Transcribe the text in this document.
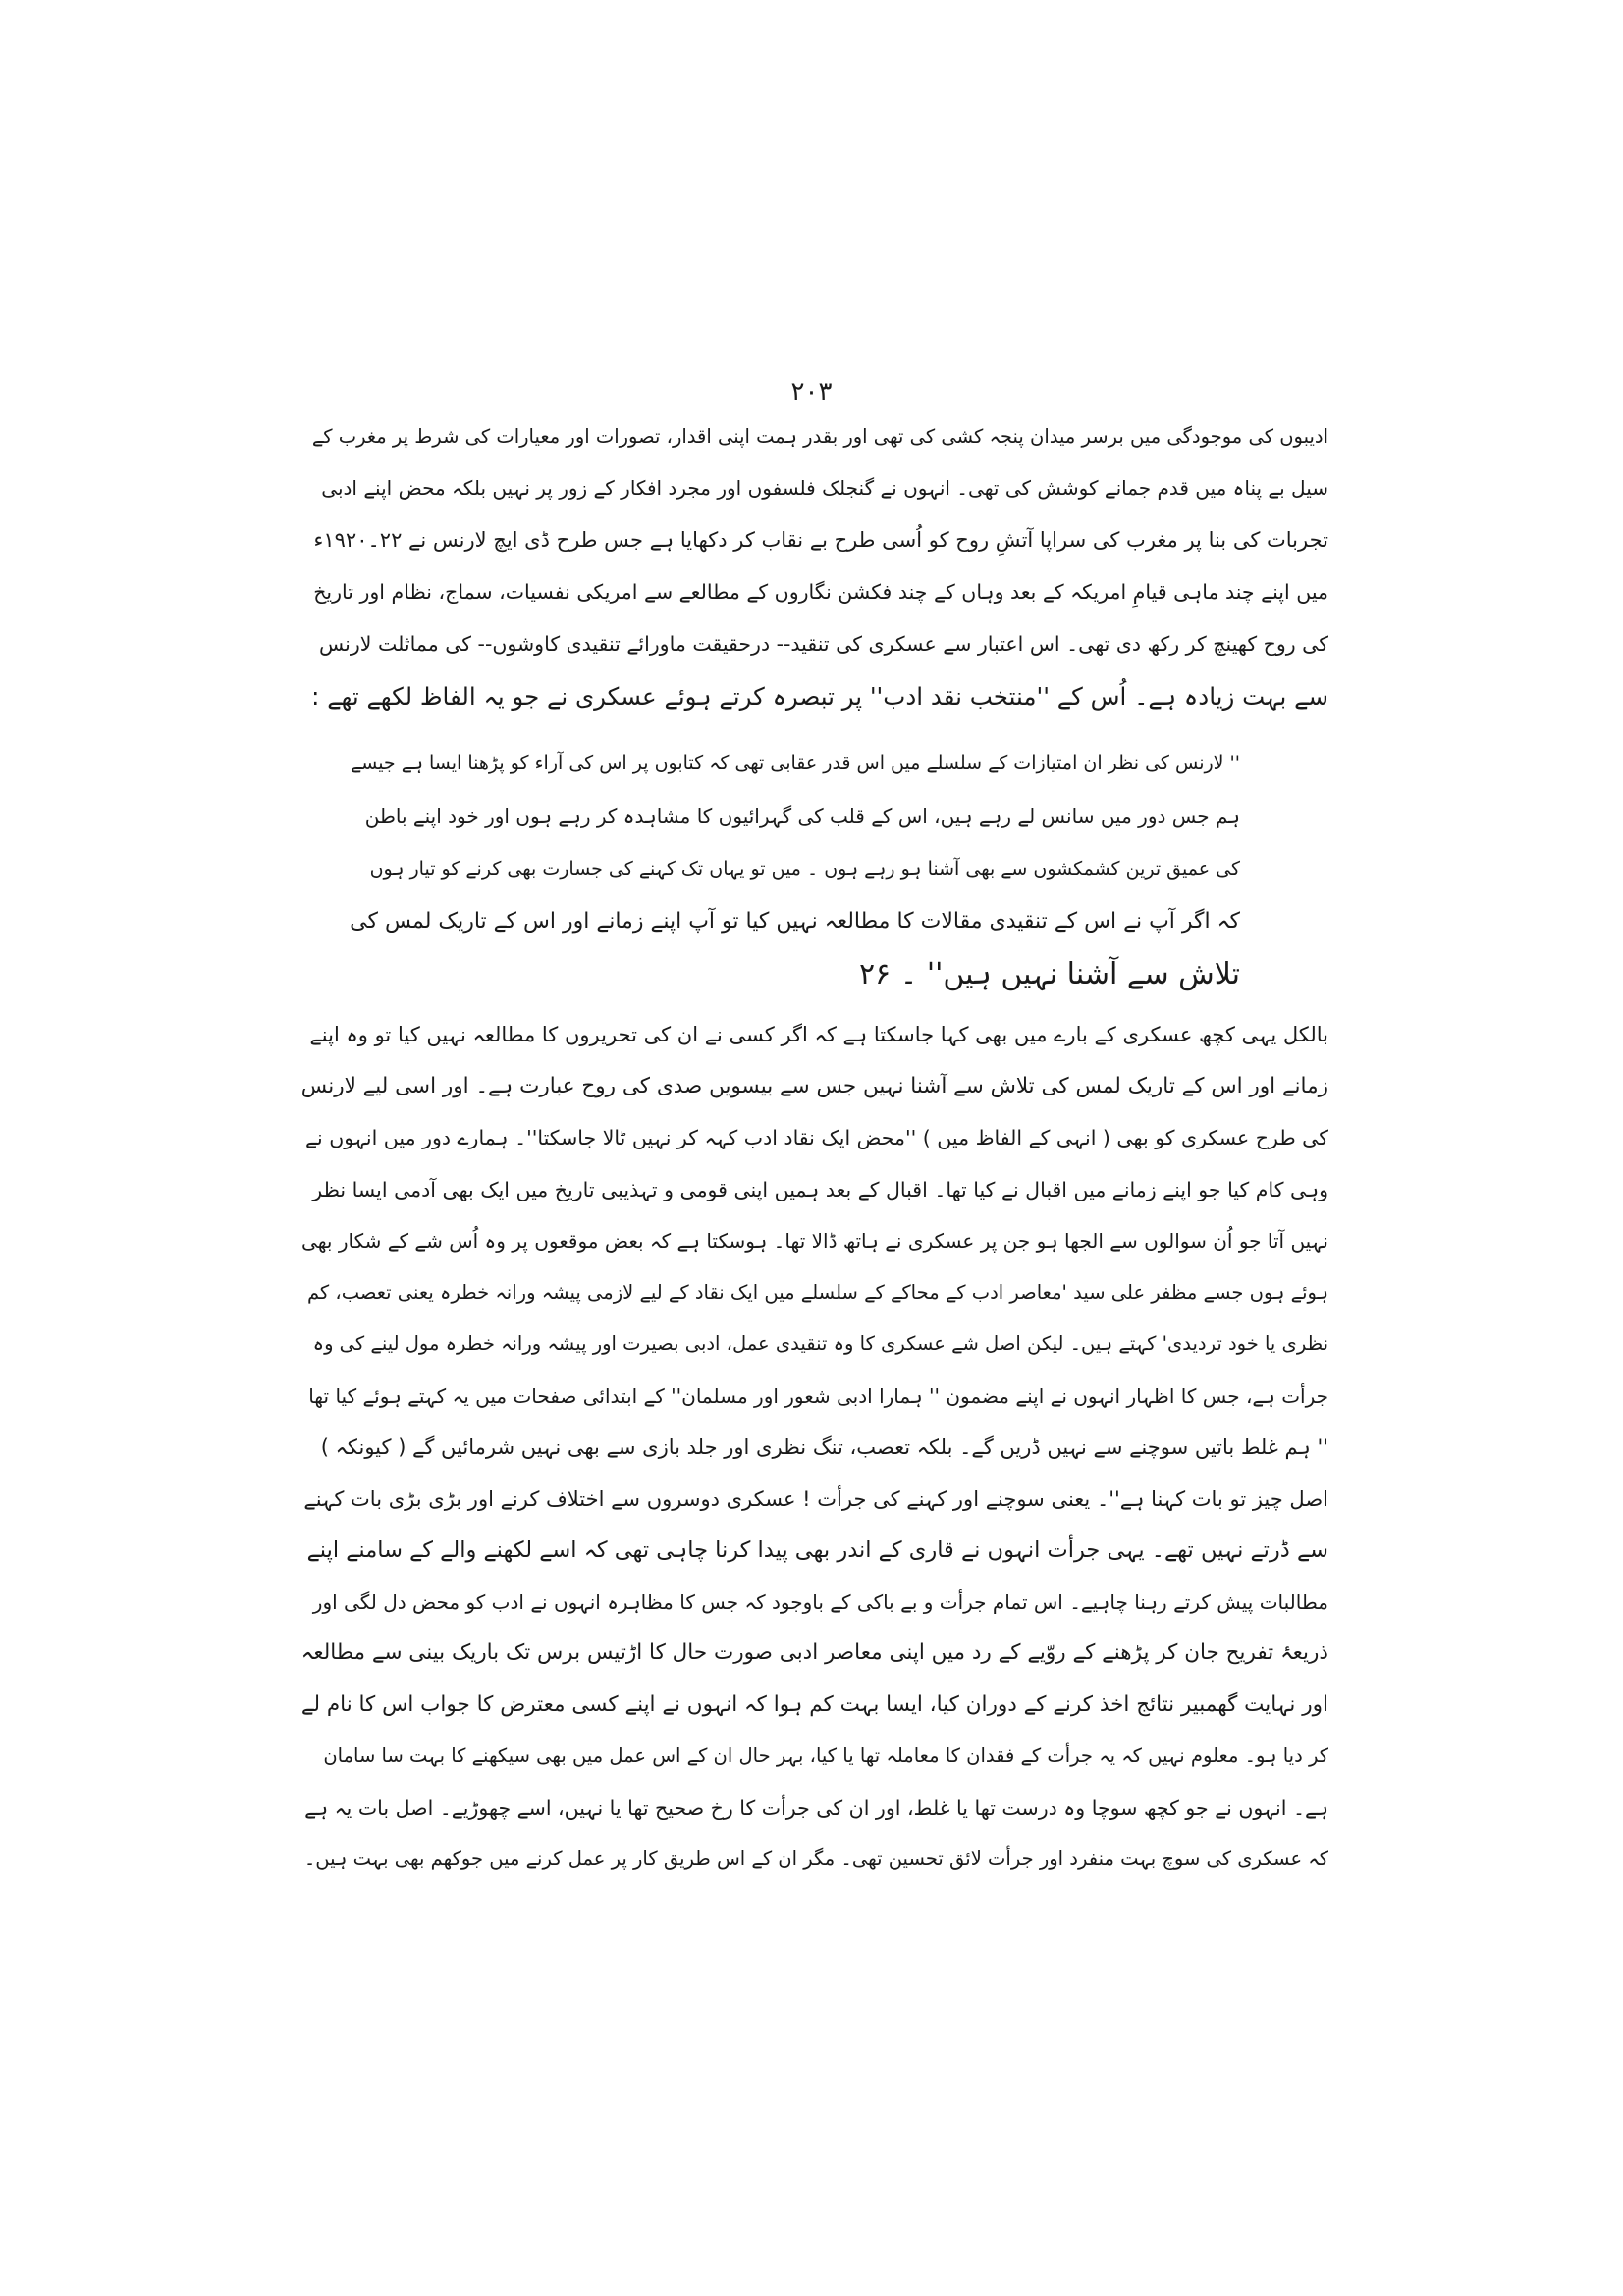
۲۰۳
ادیبوں کی موجودگی میں برسر میدان پنجہ کشی کی تھی اور بقدر ہمت اپنی اقدار، تصورات اور معیارات کی شرط پر مغرب کے
سیل بے پناہ میں قدم جمانے کوشش کی تھی۔ انہوں نے گنجلک فلسفوں اور مجرد افکار کے زور پر نہیں بلکہ محض اپنے ادبی
تجربات کی بنا پر مغرب کی سراپا آتشِ روح کو اُسی طرح بے نقاب کر دکھایا ہے جس طرح ڈی ایچ لارنس نے ۲۲۔۱۹۲۰ء
میں اپنے چند ماہی قیامِ امریکہ کے بعد وہاں کے چند فکشن نگاروں کے مطالعے سے امریکی نفسیات، سماج، نظام اور تاریخ
کی روح کھینچ کر رکھ دی تھی۔ اس اعتبار سے عسکری کی تنقید-- درحقیقت ماورائے تنقیدی کاوشوں-- کی مماثلت لارنس
سے بہت زیادہ ہے۔ اُس کے ''منتخب نقد ادب'' پر تبصرہ کرتے ہوئے عسکری نے جو یہ الفاظ لکھے تھے :
'' لارنس کی نظر ان امتیازات کے سلسلے میں اس قدر عقابی تھی کہ کتابوں پر اس کی آراء کو پڑھنا ایسا ہے جیسے
ہم جس دور میں سانس لے رہے ہیں، اس کے قلب کی گہرائیوں کا مشاہدہ کر رہے ہوں اور خود اپنے باطن
کی عمیق ترین کشمکشوں سے بھی آشنا ہو رہے ہوں ۔ میں تو یہاں تک کہنے کی جسارت بھی کرنے کو تیار ہوں
کہ اگر آپ نے اس کے تنقیدی مقالات کا مطالعہ نہیں کیا تو آپ اپنے زمانے اور اس کے تاریک لمس کی
تلاش سے آشنا نہیں ہیں'' ۔ ۲۶
بالکل یہی کچھ عسکری کے بارے میں بھی کہا جاسکتا ہے کہ اگر کسی نے ان کی تحریروں کا مطالعہ نہیں کیا تو وہ اپنے
زمانے اور اس کے تاریک لمس کی تلاش سے آشنا نہیں جس سے بیسویں صدی کی روح عبارت ہے۔ اور اسی لیے لارنس
کی طرح عسکری کو بھی ( انہی کے الفاظ میں ) ''محض ایک نقاد ادب کہہ کر نہیں ٹالا جاسکتا''۔ ہمارے دور میں انہوں نے
وہی کام کیا جو اپنے زمانے میں اقبال نے کیا تھا۔ اقبال کے بعد ہمیں اپنی قومی و تہذیبی تاریخ میں ایک بھی آدمی ایسا نظر
نہیں آتا جو اُن سوالوں سے الجھا ہو جن پر عسکری نے ہاتھ ڈالا تھا۔ ہوسکتا ہے کہ بعض موقعوں پر وہ اُس شے کے شکار بھی
ہوئے ہوں جسے مظفر علی سید 'معاصر ادب کے محاکے کے سلسلے میں ایک نقاد کے لیے لازمی پیشہ ورانہ خطرہ یعنی تعصب، کم
نظری یا خود تردیدی' کہتے ہیں۔ لیکن اصل شے عسکری کا وہ تنقیدی عمل، ادبی بصیرت اور پیشہ ورانہ خطرہ مول لینے کی وہ
جرأت ہے، جس کا اظہار انہوں نے اپنے مضمون '' ہمارا ادبی شعور اور مسلمان'' کے ابتدائی صفحات میں یہ کہتے ہوئے کیا تھا
'' ہم غلط باتیں سوچنے سے نہیں ڈریں گے۔ بلکہ تعصب، تنگ نظری اور جلد بازی سے بھی نہیں شرمائیں گے ( کیونکہ )
اصل چیز تو بات کہنا ہے''۔ یعنی سوچنے اور کہنے کی جرأت ! عسکری دوسروں سے اختلاف کرنے اور بڑی بڑی بات کہنے
سے ڈرتے نہیں تھے۔ یہی جرأت انہوں نے قاری کے اندر بھی پیدا کرنا چاہی تھی کہ اسے لکھنے والے کے سامنے اپنے
مطالبات پیش کرتے رہنا چاہیے۔ اس تمام جرأت و بے باکی کے باوجود کہ جس کا مظاہرہ انہوں نے ادب کو محض دل لگی اور
ذریعۂ تفریح جان کر پڑھنے کے روّیے کے رد میں اپنی معاصر ادبی صورت حال کا اڑتیس برس تک باریک بینی سے مطالعہ
اور نہایت گھمبیر نتائج اخذ کرنے کے دوران کیا، ایسا بہت کم ہوا کہ انہوں نے اپنے کسی معترض کا جواب اس کا نام لے
کر دیا ہو۔ معلوم نہیں کہ یہ جرأت کے فقدان کا معاملہ تھا یا کیا، بہر حال ان کے اس عمل میں بھی سیکھنے کا بہت سا سامان
ہے۔ انہوں نے جو کچھ سوچا وہ درست تھا یا غلط، اور ان کی جرأت کا رخ صحیح تھا یا نہیں، اسے چھوڑیے۔ اصل بات یہ ہے
کہ عسکری کی سوچ بہت منفرد اور جرأت لائق تحسین تھی۔ مگر ان کے اس طریق کار پر عمل کرنے میں جوکھم بھی بہت ہیں۔
